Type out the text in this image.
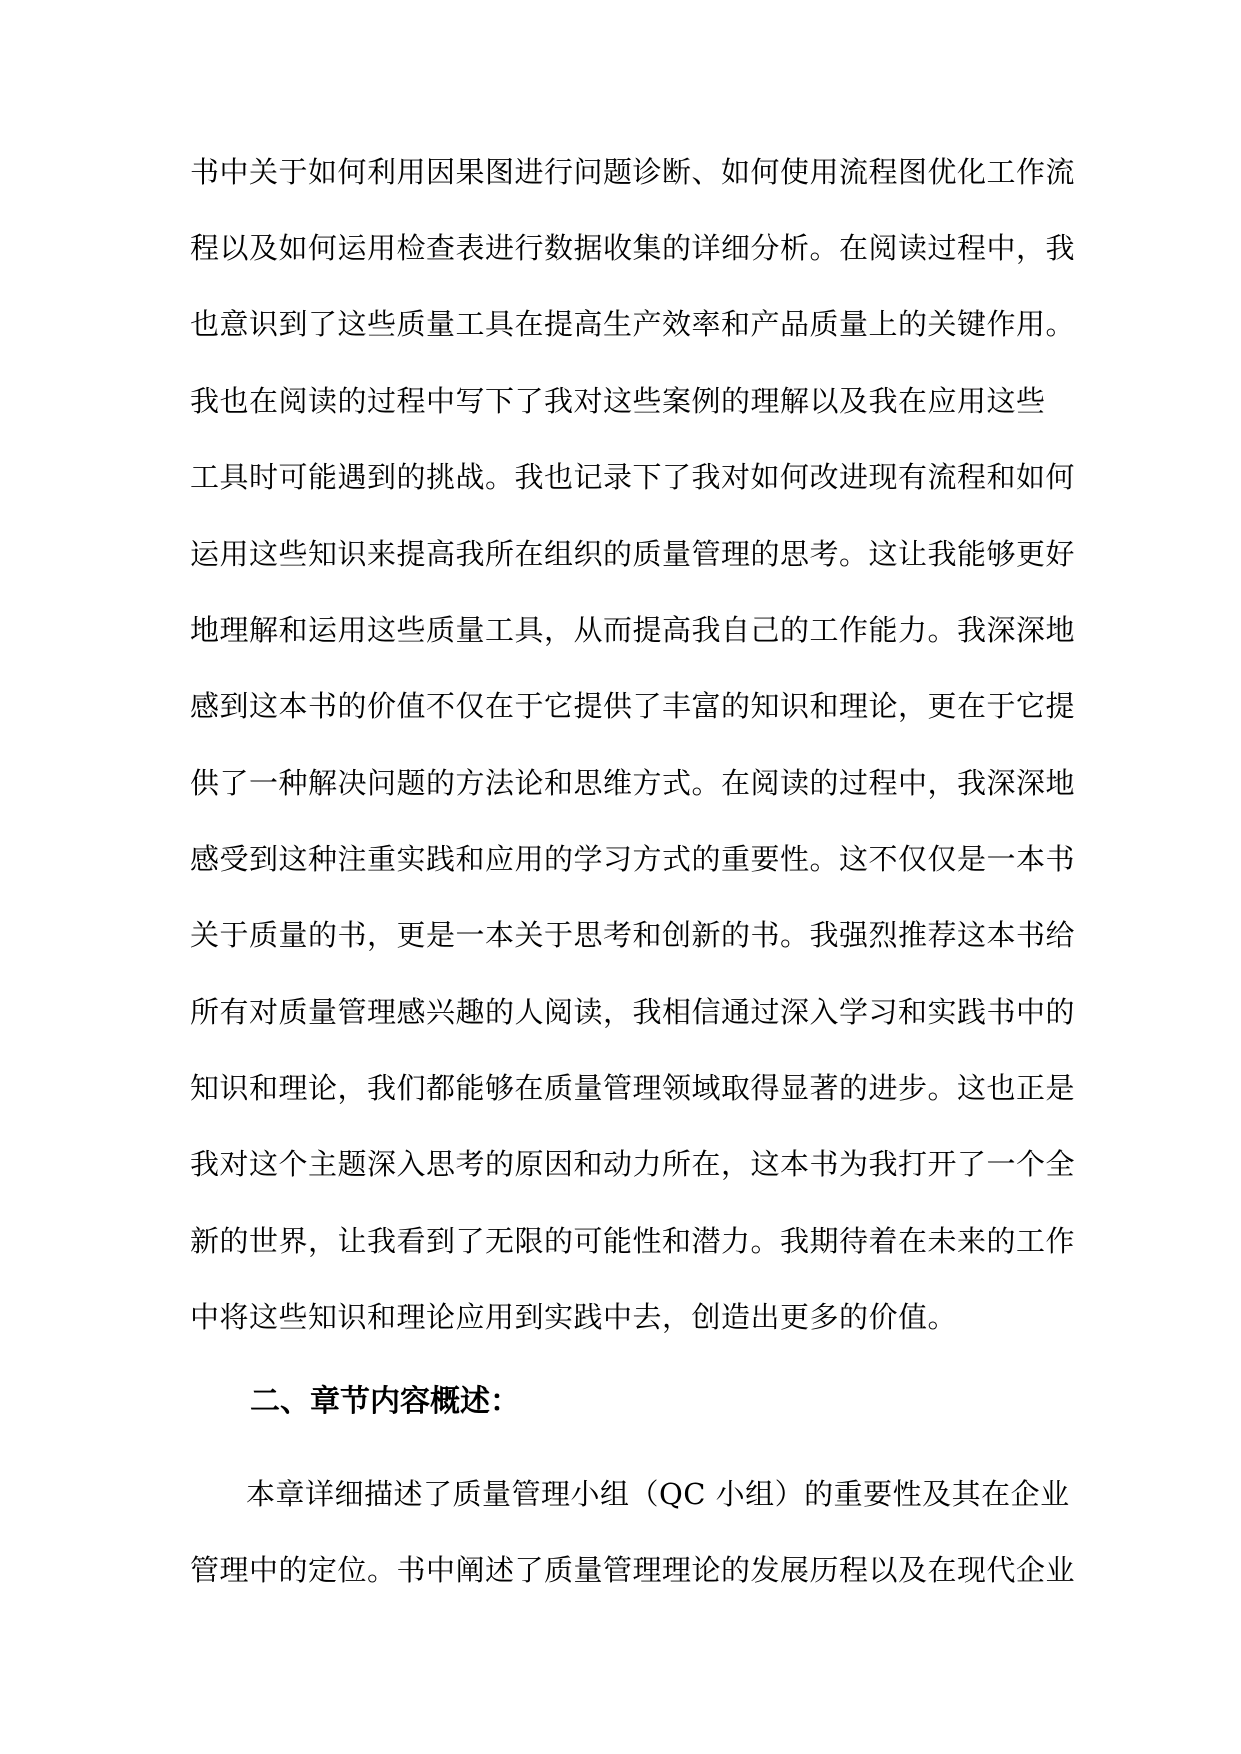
书中关于如何利用因果图进行问题诊断、如何使用流程图优化工作流
程以及如何运用检查表进行数据收集的详细分析。在阅读过程中，我
也意识到了这些质量工具在提高生产效率和产品质量上的关键作用。
我也在阅读的过程中写下了我对这些案例的理解以及我在应用这些
工具时可能遇到的挑战。我也记录下了我对如何改进现有流程和如何
运用这些知识来提高我所在组织的质量管理的思考。这让我能够更好
地理解和运用这些质量工具，从而提高我自己的工作能力。我深深地
感到这本书的价值不仅在于它提供了丰富的知识和理论，更在于它提
供了一种解决问题的方法论和思维方式。在阅读的过程中，我深深地
感受到这种注重实践和应用的学习方式的重要性。这不仅仅是一本书
关于质量的书，更是一本关于思考和创新的书。我强烈推荐这本书给
所有对质量管理感兴趣的人阅读，我相信通过深入学习和实践书中的
知识和理论，我们都能够在质量管理领域取得显著的进步。这也正是
我对这个主题深入思考的原因和动力所在，这本书为我打开了一个全
新的世界，让我看到了无限的可能性和潜力。我期待着在未来的工作
中将这些知识和理论应用到实践中去，创造出更多的价值。
二、章节内容概述：
本章详细描述了质量管理小组（QC 小组）的重要性及其在企业
管理中的定位。书中阐述了质量管理理论的发展历程以及在现代企业
